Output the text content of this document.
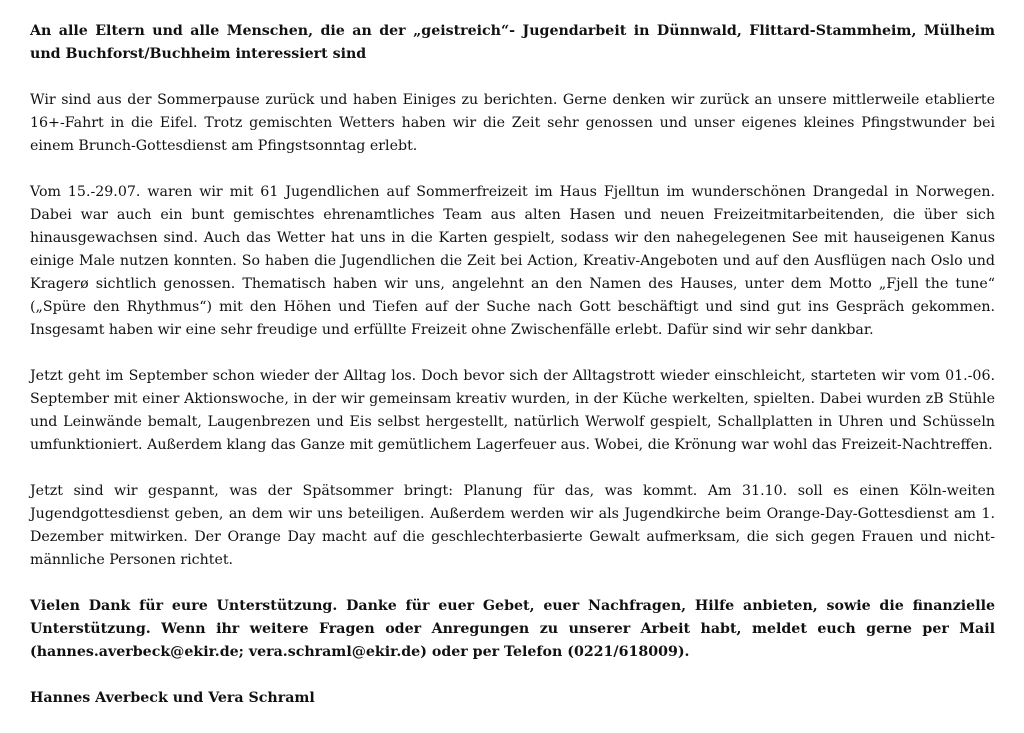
An alle Eltern und alle Menschen, die an der „geistreich“- Jugendarbeit in Dünnwald, Flittard-Stammheim, Mülheim und Buchforst/Buchheim interessiert sind

Wir sind aus der Sommerpause zurück und haben Einiges zu berichten. Gerne denken wir zurück an unsere mittlerweile etablierte 16+-Fahrt in die Eifel. Trotz gemischten Wetters haben wir die Zeit sehr genossen und unser eigenes kleines Pfingstwunder bei einem Brunch-Gottesdienst am Pfingstsonntag erlebt.

Vom 15.-29.07. waren wir mit 61 Jugendlichen auf Sommerfreizeit im Haus Fjelltun im wunderschönen Drangedal in Norwegen. Dabei war auch ein bunt gemischtes ehrenamtliches Team aus alten Hasen und neuen Freizeitmitarbeitenden, die über sich hinausgewachsen sind. Auch das Wetter hat uns in die Karten gespielt, sodass wir den nahegelegenen See mit hauseigenen Kanus einige Male nutzen konnten. So haben die Jugendlichen die Zeit bei Action, Kreativ-Angeboten und auf den Ausflügen nach Oslo und Kragerø sichtlich genossen. Thematisch haben wir uns, angelehnt an den Namen des Hauses, unter dem Motto „Fjell the tune“ („Spüre den Rhythmus“) mit den Höhen und Tiefen auf der Suche nach Gott beschäftigt und sind gut ins Gespräch gekommen. Insgesamt haben wir eine sehr freudige und erfüllte Freizeit ohne Zwischenfälle erlebt. Dafür sind wir sehr dankbar.

Jetzt geht im September schon wieder der Alltag los. Doch bevor sich der Alltagstrott wieder einschleicht, starteten wir vom 01.-06. September mit einer Aktionswoche, in der wir gemeinsam kreativ wurden, in der Küche werkelten, spielten. Dabei wurden zB Stühle und Leinwände bemalt, Laugenbrezen und Eis selbst hergestellt, natürlich Werwolf gespielt, Schallplatten in Uhren und Schüsseln umfunktioniert. Außerdem klang das Ganze mit gemütlichem Lagerfeuer aus. Wobei, die Krönung war wohl das Freizeit-Nachtreffen.

Jetzt sind wir gespannt, was der Spätsommer bringt: Planung für das, was kommt. Am 31.10. soll es einen Köln-weiten Jugendgottesdienst geben, an dem wir uns beteiligen. Außerdem werden wir als Jugendkirche beim Orange-Day-Gottesdienst am 1. Dezember mitwirken. Der Orange Day macht auf die geschlechterbasierte Gewalt aufmerksam, die sich gegen Frauen und nicht-männliche Personen richtet.

Vielen Dank für eure Unterstützung. Danke für euer Gebet, euer Nachfragen, Hilfe anbieten, sowie die finanzielle Unterstützung. Wenn ihr weitere Fragen oder Anregungen zu unserer Arbeit habt, meldet euch gerne per Mail (hannes.averbeck@ekir.de; vera.schraml@ekir.de) oder per Telefon (0221/618009).

Hannes Averbeck und Vera Schraml
